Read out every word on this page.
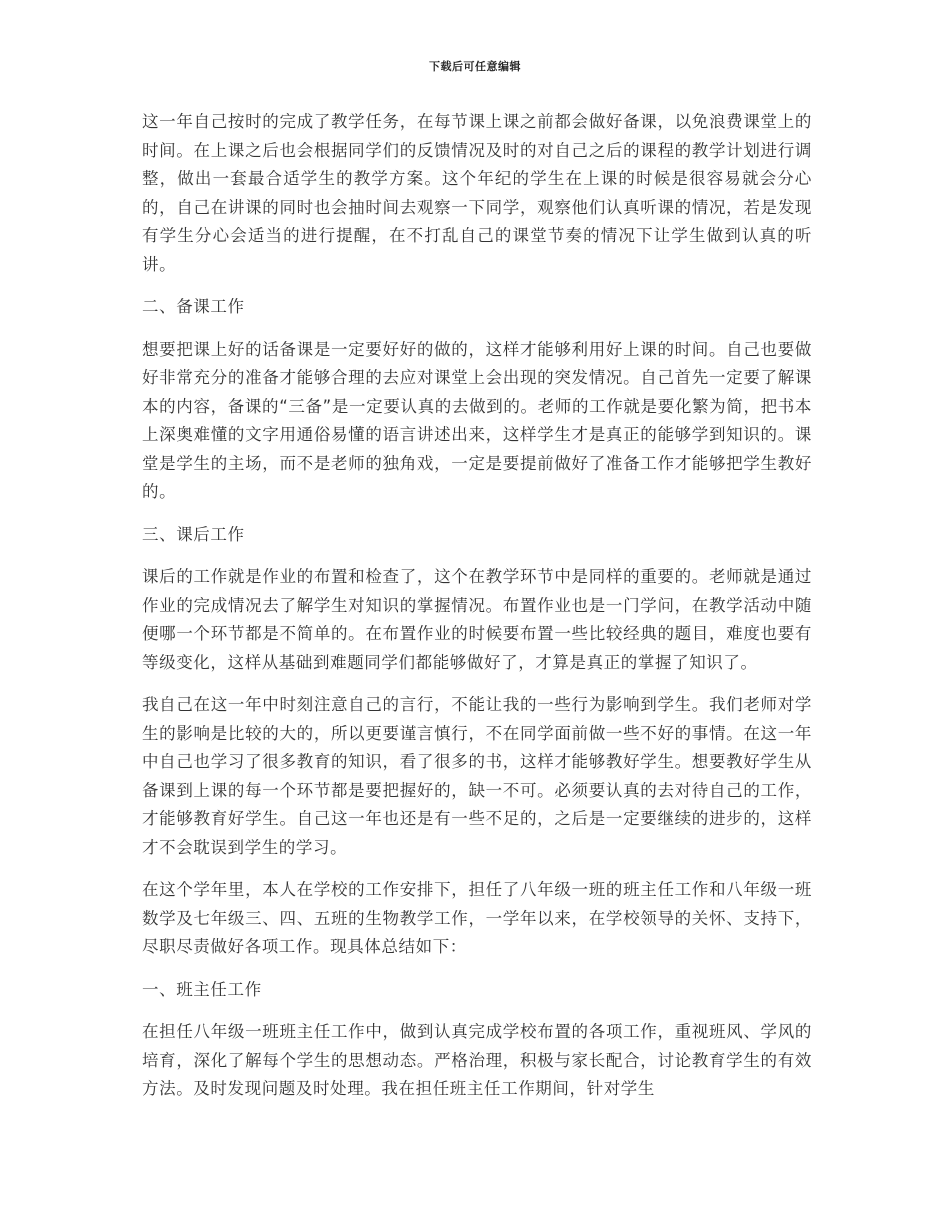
下载后可任意编辑

这一年自己按时的完成了教学任务，在每节课上课之前都会做好备课，以免浪费课堂上的时间。在上课之后也会根据同学们的反馈情况及时的对自己之后的课程的教学计划进行调整，做出一套最合适学生的教学方案。这个年纪的学生在上课的时候是很容易就会分心的，自己在讲课的同时也会抽时间去观察一下同学，观察他们认真听课的情况，若是发现有学生分心会适当的进行提醒，在不打乱自己的课堂节奏的情况下让学生做到认真的听讲。

二、备课工作

想要把课上好的话备课是一定要好好的做的，这样才能够利用好上课的时间。自己也要做好非常充分的准备才能够合理的去应对课堂上会出现的突发情况。自己首先一定要了解课本的内容，备课的“三备”是一定要认真的去做到的。老师的工作就是要化繁为简，把书本上深奥难懂的文字用通俗易懂的语言讲述出来，这样学生才是真正的能够学到知识的。课堂是学生的主场，而不是老师的独角戏，一定是要提前做好了准备工作才能够把学生教好的。

三、课后工作

课后的工作就是作业的布置和检查了，这个在教学环节中是同样的重要的。老师就是通过作业的完成情况去了解学生对知识的掌握情况。布置作业也是一门学问，在教学活动中随便哪一个环节都是不简单的。在布置作业的时候要布置一些比较经典的题目，难度也要有等级变化，这样从基础到难题同学们都能够做好了，才算是真正的掌握了知识了。

我自己在这一年中时刻注意自己的言行，不能让我的一些行为影响到学生。我们老师对学生的影响是比较的大的，所以更要谨言慎行，不在同学面前做一些不好的事情。在这一年中自己也学习了很多教育的知识，看了很多的书，这样才能够教好学生。想要教好学生从备课到上课的每一个环节都是要把握好的，缺一不可。必须要认真的去对待自己的工作，才能够教育好学生。自己这一年也还是有一些不足的，之后是一定要继续的进步的，这样才不会耽误到学生的学习。

在这个学年里，本人在学校的工作安排下，担任了八年级一班的班主任工作和八年级一班数学及七年级三、四、五班的生物教学工作，一学年以来，在学校领导的关怀、支持下，尽职尽责做好各项工作。现具体总结如下：

一、班主任工作

在担任八年级一班班主任工作中，做到认真完成学校布置的各项工作，重视班风、学风的培育，深化了解每个学生的思想动态。严格治理，积极与家长配合，讨论教育学生的有效方法。及时发现问题及时处理。我在担任班主任工作期间，针对学生
